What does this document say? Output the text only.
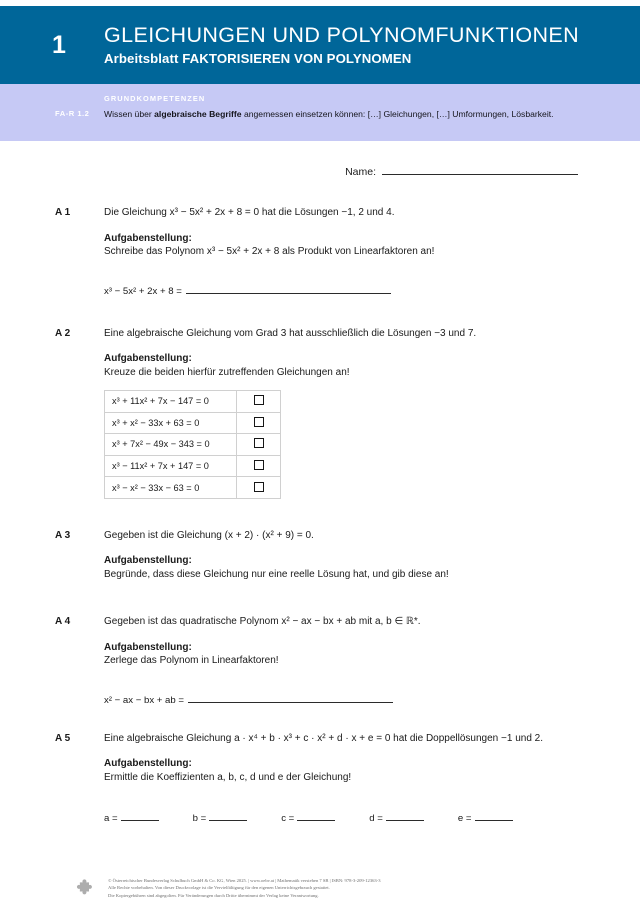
1	GLEICHUNGEN UND POLYNOMFUNKTIONEN
Arbeitsblatt FAKTORISIEREN VON POLYNOMEN
FA-R 1.2
GRUNDKOMPETENZEN
Wissen über algebraische Begriffe angemessen einsetzen können: […] Gleichungen, […] Umformungen, Lösbarkeit.
Name:
A 1	Die Gleichung x³ − 5x² + 2x + 8 = 0 hat die Lösungen −1, 2 und 4.
Aufgabenstellung:
Schreibe das Polynom x³ − 5x² + 2x + 8 als Produkt von Linearfaktoren an!
x³ − 5x² + 2x + 8 =
A 2	Eine algebraische Gleichung vom Grad 3 hat ausschließlich die Lösungen −3 und 7.
Aufgabenstellung:
Kreuze die beiden hierfür zutreffenden Gleichungen an!
x³ + 11x² + 7x − 147 = 0	
x³ + x² − 33x + 63 = 0	
x³ + 7x² − 49x − 343 = 0	
x³ − 11x² + 7x + 147 = 0	
x³ − x² − 33x − 63 = 0	
A 3	Gegeben ist die Gleichung (x + 2) · (x² + 9) = 0.
Aufgabenstellung:
Begründe, dass diese Gleichung nur eine reelle Lösung hat, und gib diese an!
A 4	Gegeben ist das quadratische Polynom x² − ax − bx + ab mit a, b ∈ ℝ*.
Aufgabenstellung:
Zerlege das Polynom in Linearfaktoren!
x² − ax − bx + ab =
A 5	Eine algebraische Gleichung a · x⁴ + b · x³ + c · x² + d · x + e = 0 hat die Doppellösungen −1 und 2.
Aufgabenstellung:
Ermittle die Koeffizienten a, b, c, d und e der Gleichung!
a =	b =	c =	d =	e =
© Österreichischer Bundesverlag Schulbuch GmbH & Co. KG, Wien 2025. | www.oebv.at | Mathematik verstehen 7 SB | ISBN: 978-3-209-12363-3
Alle Rechte vorbehalten. Von dieser Druckvorlage ist die Vervielfältigung für den eigenen Unterrichtsgebrauch gestattet.
Die Kopiergebühren sind abgegolten. Für Veränderungen durch Dritte übernimmt der Verlag keine Verantwortung.
